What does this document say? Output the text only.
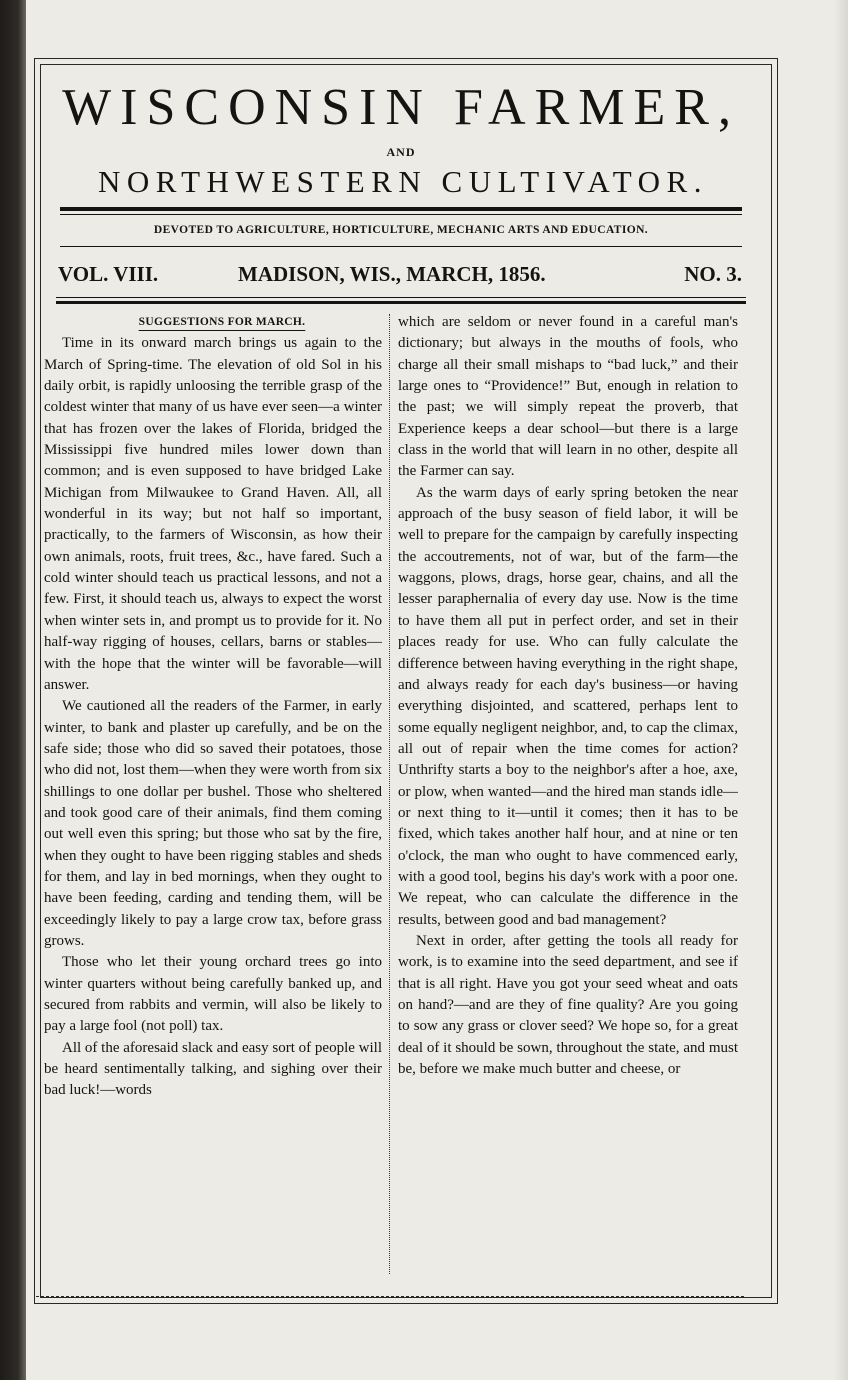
WISCONSIN FARMER,
AND
NORTHWESTERN CULTIVATOR.
DEVOTED TO AGRICULTURE, HORTICULTURE, MECHANIC ARTS AND EDUCATION.
VOL. VIII.	MADISON, WIS., MARCH, 1856.	NO. 3.

SUGGESTIONS FOR MARCH.

Time in its onward march brings us again to the March of Spring-time. The elevation of old Sol in his daily orbit, is rapidly unloosing the terrible grasp of the coldest winter that many of us have ever seen—a winter that has frozen over the lakes of Florida, bridged the Mississippi five hundred miles lower down than common; and is even supposed to have bridged Lake Michigan from Milwaukee to Grand Haven. All, all wonderful in its way; but not half so important, practically, to the farmers of Wisconsin, as how their own animals, roots, fruit trees, &c., have fared. Such a cold winter should teach us practical lessons, and not a few. First, it should teach us, always to expect the worst when winter sets in, and prompt us to provide for it. No half-way rigging of houses, cellars, barns or stables—with the hope that the winter will be favorable—will answer.

We cautioned all the readers of the Farmer, in early winter, to bank and plaster up carefully, and be on the safe side; those who did so saved their potatoes, those who did not, lost them—when they were worth from six shillings to one dollar per bushel. Those who sheltered and took good care of their animals, find them coming out well even this spring; but those who sat by the fire, when they ought to have been rigging stables and sheds for them, and lay in bed mornings, when they ought to have been feeding, carding and tending them, will be exceedingly likely to pay a large crow tax, before grass grows.

Those who let their young orchard trees go into winter quarters without being carefully banked up, and secured from rabbits and vermin, will also be likely to pay a large fool (not poll) tax.

All of the aforesaid slack and easy sort of people will be heard sentimentally talking, and sighing over their bad luck!—words

which are seldom or never found in a careful man's dictionary; but always in the mouths of fools, who charge all their small mishaps to “bad luck,” and their large ones to “Providence!” But, enough in relation to the past; we will simply repeat the proverb, that Experience keeps a dear school—but there is a large class in the world that will learn in no other, despite all the Farmer can say.

As the warm days of early spring betoken the near approach of the busy season of field labor, it will be well to prepare for the campaign by carefully inspecting the accoutrements, not of war, but of the farm—the waggons, plows, drags, horse gear, chains, and all the lesser paraphernalia of every day use. Now is the time to have them all put in perfect order, and set in their places ready for use. Who can fully calculate the difference between having everything in the right shape, and always ready for each day's business—or having everything disjointed, and scattered, perhaps lent to some equally negligent neighbor, and, to cap the climax, all out of repair when the time comes for action? Unthrifty starts a boy to the neighbor's after a hoe, axe, or plow, when wanted—and the hired man stands idle—or next thing to it—until it comes; then it has to be fixed, which takes another half hour, and at nine or ten o'clock, the man who ought to have commenced early, with a good tool, begins his day's work with a poor one. We repeat, who can calculate the difference in the results, between good and bad management?

Next in order, after getting the tools all ready for work, is to examine into the seed department, and see if that is all right. Have you got your seed wheat and oats on hand?—and are they of fine quality? Are you going to sow any grass or clover seed? We hope so, for a great deal of it should be sown, throughout the state, and must be, before we make much butter and cheese, or
